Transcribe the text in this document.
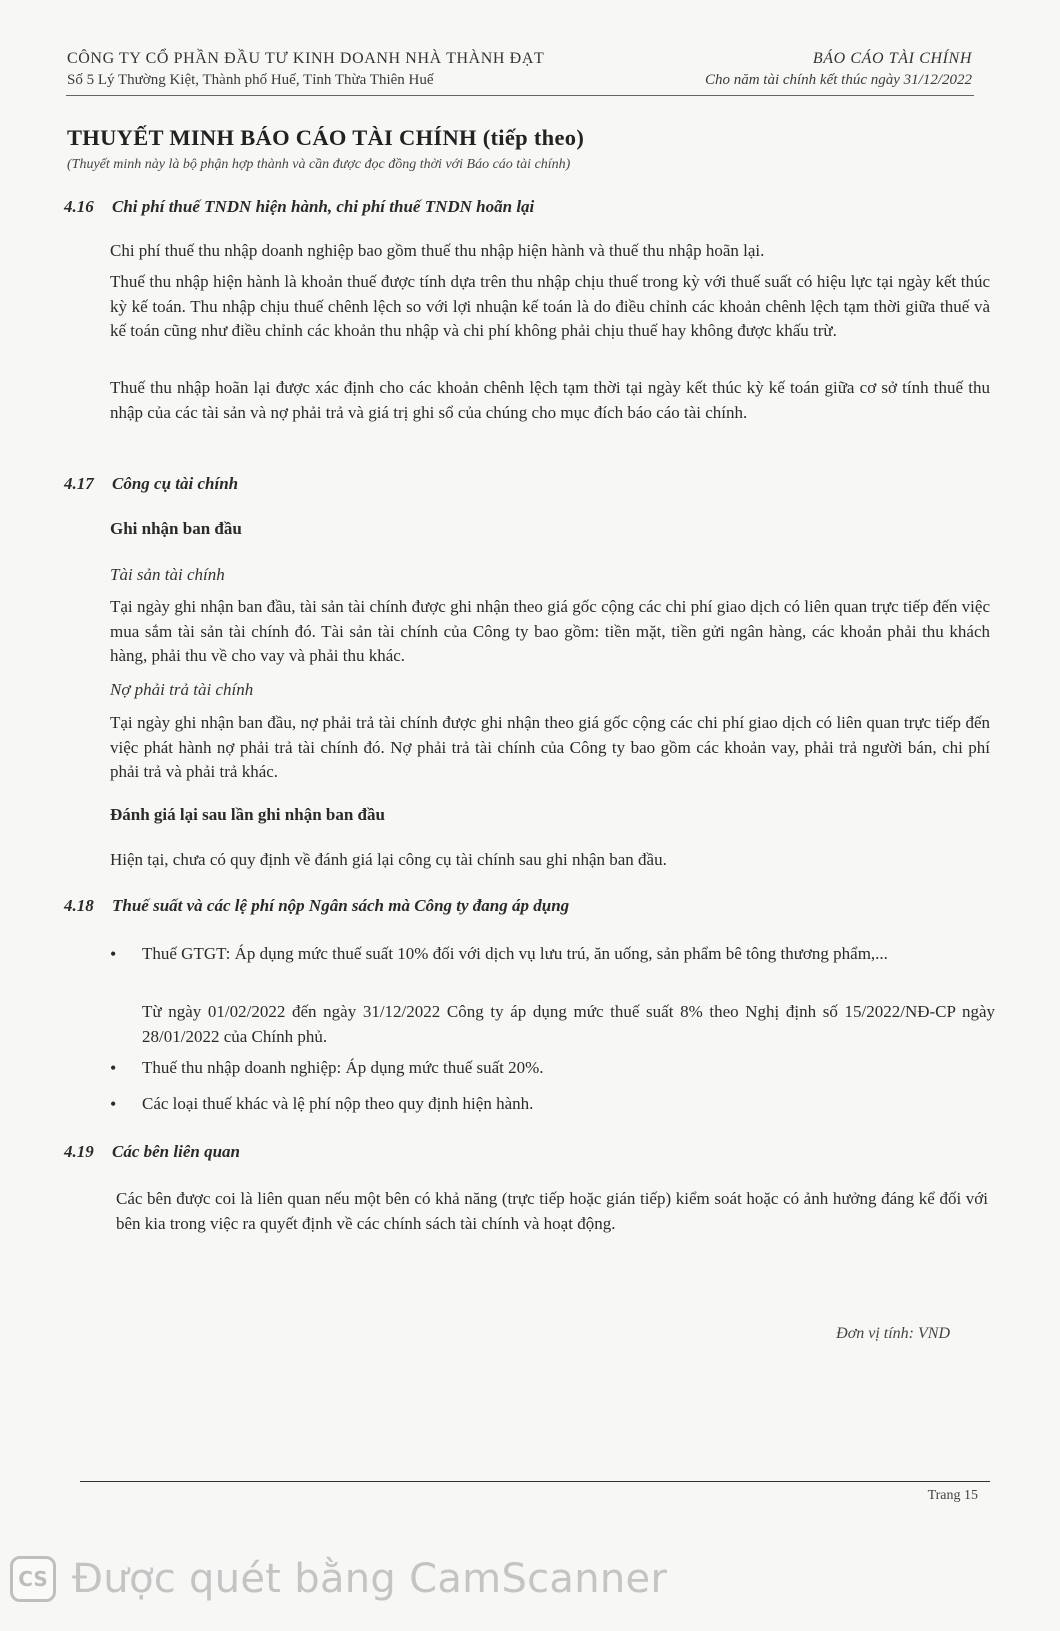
CÔNG TY CỔ PHẦN ĐẦU TƯ KINH DOANH NHÀ THÀNH ĐẠT
Số 5 Lý Thường Kiệt, Thành phố Huế, Tỉnh Thừa Thiên Huế
BÁO CÁO TÀI CHÍNH
Cho năm tài chính kết thúc ngày 31/12/2022
THUYẾT MINH BÁO CÁO TÀI CHÍNH (tiếp theo)
(Thuyết minh này là bộ phận hợp thành và cần được đọc đồng thời với Báo cáo tài chính)
4.16 Chi phí thuế TNDN hiện hành, chi phí thuế TNDN hoãn lại
Chi phí thuế thu nhập doanh nghiệp bao gồm thuế thu nhập hiện hành và thuế thu nhập hoãn lại.
Thuế thu nhập hiện hành là khoản thuế được tính dựa trên thu nhập chịu thuế trong kỳ với thuế suất có hiệu lực tại ngày kết thúc kỳ kế toán. Thu nhập chịu thuế chênh lệch so với lợi nhuận kế toán là do điều chỉnh các khoản chênh lệch tạm thời giữa thuế và kế toán cũng như điều chỉnh các khoản thu nhập và chi phí không phải chịu thuế hay không được khấu trừ.
Thuế thu nhập hoãn lại được xác định cho các khoản chênh lệch tạm thời tại ngày kết thúc kỳ kế toán giữa cơ sở tính thuế thu nhập của các tài sản và nợ phải trả và giá trị ghi sổ của chúng cho mục đích báo cáo tài chính.
4.17 Công cụ tài chính
Ghi nhận ban đầu
Tài sản tài chính
Tại ngày ghi nhận ban đầu, tài sản tài chính được ghi nhận theo giá gốc cộng các chi phí giao dịch có liên quan trực tiếp đến việc mua sắm tài sản tài chính đó. Tài sản tài chính của Công ty bao gồm: tiền mặt, tiền gửi ngân hàng, các khoản phải thu khách hàng, phải thu về cho vay và phải thu khác.
Nợ phải trả tài chính
Tại ngày ghi nhận ban đầu, nợ phải trả tài chính được ghi nhận theo giá gốc cộng các chi phí giao dịch có liên quan trực tiếp đến việc phát hành nợ phải trả tài chính đó. Nợ phải trả tài chính của Công ty bao gồm các khoản vay, phải trả người bán, chi phí phải trả và phải trả khác.
Đánh giá lại sau lần ghi nhận ban đầu
Hiện tại, chưa có quy định về đánh giá lại công cụ tài chính sau ghi nhận ban đầu.
4.18 Thuế suất và các lệ phí nộp Ngân sách mà Công ty đang áp dụng
• Thuế GTGT: Áp dụng mức thuế suất 10% đối với dịch vụ lưu trú, ăn uống, sản phẩm bê tông thương phẩm,...
Từ ngày 01/02/2022 đến ngày 31/12/2022 Công ty áp dụng mức thuế suất 8% theo Nghị định số 15/2022/NĐ-CP ngày 28/01/2022 của Chính phủ.
• Thuế thu nhập doanh nghiệp: Áp dụng mức thuế suất 20%.
• Các loại thuế khác và lệ phí nộp theo quy định hiện hành.
4.19 Các bên liên quan
Các bên được coi là liên quan nếu một bên có khả năng (trực tiếp hoặc gián tiếp) kiểm soát hoặc có ảnh hưởng đáng kể đối với bên kia trong việc ra quyết định về các chính sách tài chính và hoạt động.
Đơn vị tính: VND
Trang 15
CS Được quét bằng CamScanner
